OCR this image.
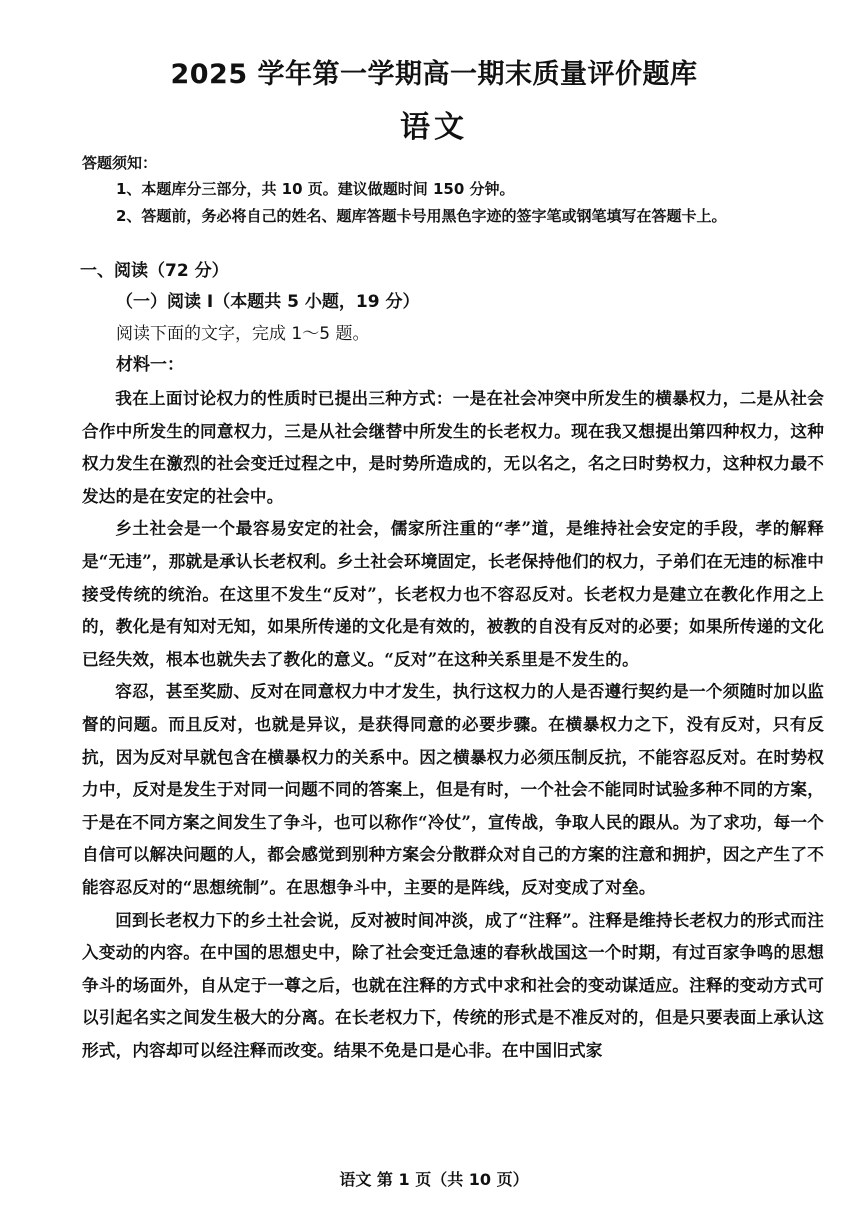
2025 学年第一学期高一期末质量评价题库
语文
答题须知：
1、本题库分三部分，共 10 页。建议做题时间 150 分钟。
2、答题前，务必将自己的姓名、题库答题卡号用黑色字迹的签字笔或钢笔填写在答题卡上。
一、阅读（72 分）
（一）阅读 I（本题共 5 小题，19 分）
阅读下面的文字，完成 1～5 题。
材料一：

我在上面讨论权力的性质时已提出三种方式：一是在社会冲突中所发生的横暴权力，二是从社会合作中所发生的同意权力，三是从社会继替中所发生的长老权力。现在我又想提出第四种权力，这种权力发生在激烈的社会变迁过程之中，是时势所造成的，无以名之，名之曰时势权力，这种权力最不发达的是在安定的社会中。

乡土社会是一个最容易安定的社会，儒家所注重的“孝”道，是维持社会安定的手段，孝的解释是“无违”，那就是承认长老权利。乡土社会环境固定，长老保持他们的权力，子弟们在无违的标准中接受传统的统治。在这里不发生“反对”，长老权力也不容忍反对。长老权力是建立在教化作用之上的，教化是有知对无知，如果所传递的文化是有效的，被教的自没有反对的必要；如果所传递的文化已经失效，根本也就失去了教化的意义。“反对”在这种关系里是不发生的。

容忍，甚至奖励、反对在同意权力中才发生，执行这权力的人是否遵行契约是一个须随时加以监督的问题。而且反对，也就是异议，是获得同意的必要步骤。在横暴权力之下，没有反对，只有反抗，因为反对早就包含在横暴权力的关系中。因之横暴权力必须压制反抗，不能容忍反对。在时势权力中，反对是发生于对同一问题不同的答案上，但是有时，一个社会不能同时试验多种不同的方案，于是在不同方案之间发生了争斗，也可以称作“冷仗”，宣传战，争取人民的跟从。为了求功，每一个自信可以解决问题的人，都会感觉到别种方案会分散群众对自己的方案的注意和拥护，因之产生了不能容忍反对的“思想统制”。在思想争斗中，主要的是阵线，反对变成了对垒。

回到长老权力下的乡土社会说，反对被时间冲淡，成了“注释”。注释是维持长老权力的形式而注入变动的内容。在中国的思想史中，除了社会变迁急速的春秋战国这一个时期，有过百家争鸣的思想争斗的场面外，自从定于一尊之后，也就在注释的方式中求和社会的变动谋适应。注释的变动方式可以引起名实之间发生极大的分离。在长老权力下，传统的形式是不准反对的，但是只要表面上承认这形式，内容却可以经注释而改变。结果不免是口是心非。在中国旧式家

语文 第 1 页（共 10 页）
